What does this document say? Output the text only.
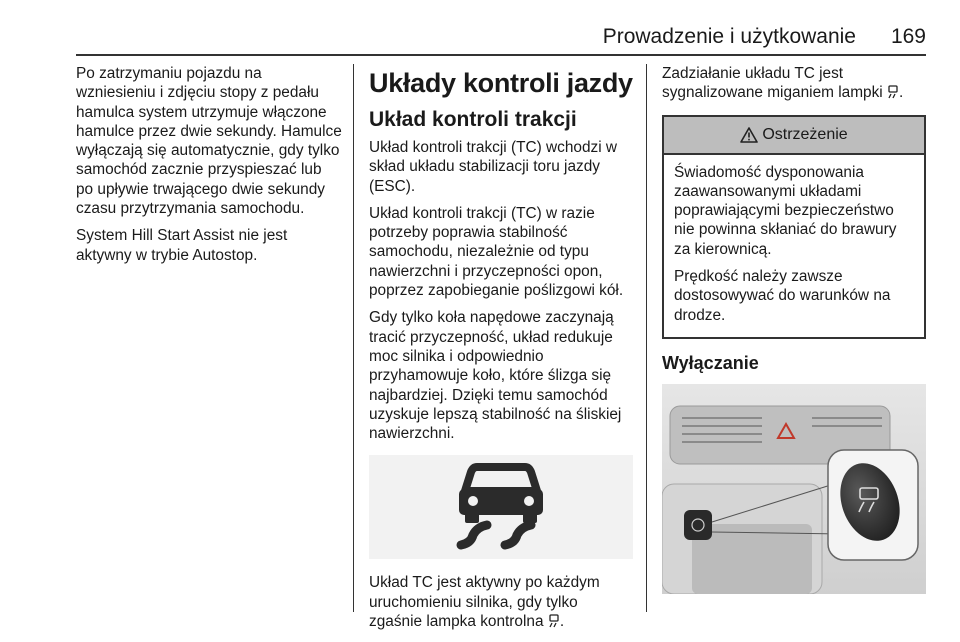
Prowadzenie i użytkowanie 169

Po zatrzymaniu pojazdu na wzniesieniu i zdjęciu stopy z pedału hamulca system utrzymuje włączone hamulce przez dwie sekundy. Hamulce wyłączają się automatycznie, gdy tylko samochód zacznie przyspieszać lub po upływie trwającego dwie sekundy czasu przytrzymania samochodu.

System Hill Start Assist nie jest aktywny w trybie Autostop.

Układy kontroli jazdy
Układ kontroli trakcji

Układ kontroli trakcji (TC) wchodzi w skład układu stabilizacji toru jazdy (ESC).

Układ kontroli trakcji (TC) w razie potrzeby poprawia stabilność samochodu, niezależnie od typu nawierzchni i przyczepności opon, poprzez zapobieganie poślizgowi kół.

Gdy tylko koła napędowe zaczynają tracić przyczepność, układ redukuje moc silnika i odpowiednio przyhamowuje koło, które ślizga się najbardziej. Dzięki temu samochód uzyskuje lepszą stabilność na śliskiej nawierzchni.

Układ TC jest aktywny po każdym uruchomieniu silnika, gdy tylko zgaśnie lampka kontrolna .

Zadziałanie układu TC jest sygnalizowane miganiem lampki .

Ostrzeżenie

Świadomość dysponowania zaawansowanymi układami poprawiającymi bezpieczeństwo nie powinna skłaniać do brawury za kierownicą.

Prędkość należy zawsze dostosowywać do warunków na drodze.

Wyłączanie
